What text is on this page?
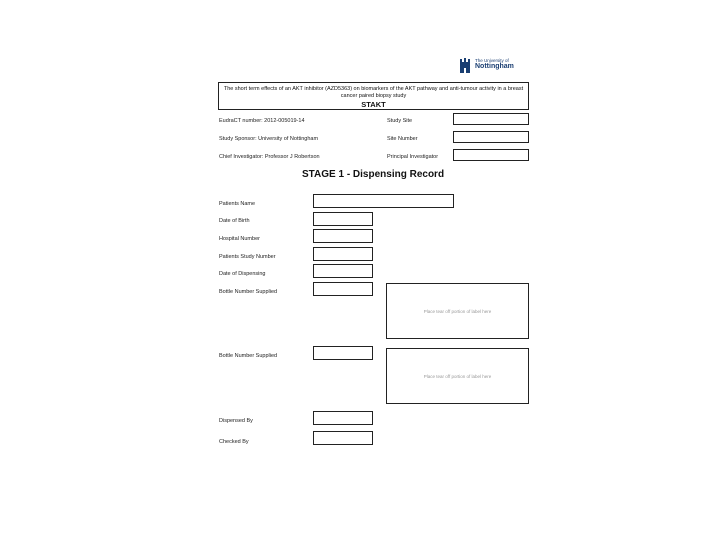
The University of
Nottingham
The short term effects of an AKT inhibitor (AZD5363) on biomarkers of the AKT pathway and anti-tumour activity in a breast cancer paired biopsy study
STAKT
EudraCT number: 2012-005019-14
Study Sponsor: University of Nottingham
Chief Investigator: Professor J Robertson
Study Site
Site Number
Principal Investigator
STAGE 1 - Dispensing Record
Patients Name
Date of Birth
Hospital Number
Patients Study Number
Date of Dispensing
Bottle Number Supplied
Place tear off portion of label here
Bottle Number Supplied
Place tear off portion of label here
Dispensed By
Checked By
